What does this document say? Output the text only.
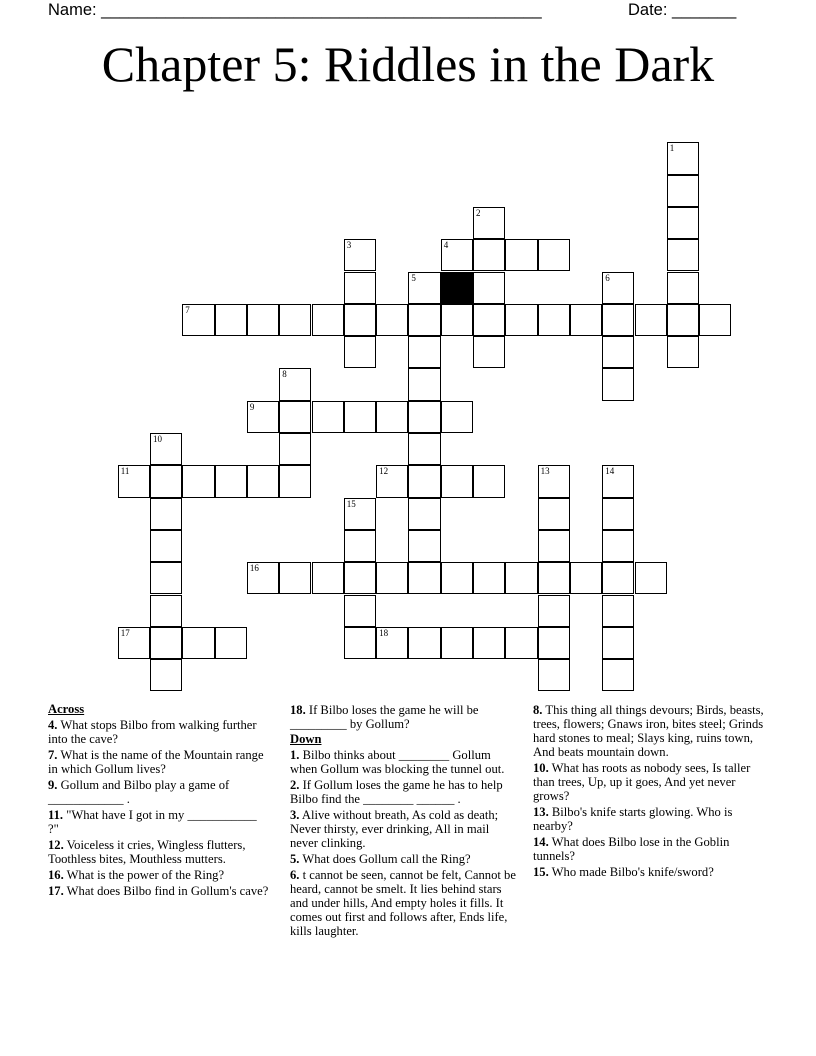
Name: ________________________________________________	Date: _______
Chapter 5: Riddles in the Dark
1
2
3	4
5	6
7
8
9
10
11	12	13	14
15
16
17	18
Across
4. What stops Bilbo from walking further into the cave?
7. What is the name of the Mountain range in which Gollum lives?
9. Gollum and Bilbo play a game of ____________ .
11. "What have I got in my ___________ ?"
12. Voiceless it cries, Wingless flutters, Toothless bites, Mouthless mutters.
16. What is the power of the Ring?
17. What does Bilbo find in Gollum's cave?
18. If Bilbo loses the game he will be _________ by Gollum?
Down
1. Bilbo thinks about ________ Gollum when Gollum was blocking the tunnel out.
2. If Gollum loses the game he has to help Bilbo find the ________ ______ .
3. Alive without breath, As cold as death; Never thirsty, ever drinking, All in mail never clinking.
5. What does Gollum call the Ring?
6. t cannot be seen, cannot be felt, Cannot be heard, cannot be smelt. It lies behind stars and under hills, And empty holes it fills. It comes out first and follows after, Ends life, kills laughter.
8. This thing all things devours; Birds, beasts, trees, flowers; Gnaws iron, bites steel; Grinds hard stones to meal; Slays king, ruins town, And beats mountain down.
10. What has roots as nobody sees, Is taller than trees, Up, up it goes, And yet never grows?
13. Bilbo's knife starts glowing. Who is nearby?
14. What does Bilbo lose in the Goblin tunnels?
15. Who made Bilbo's knife/sword?
